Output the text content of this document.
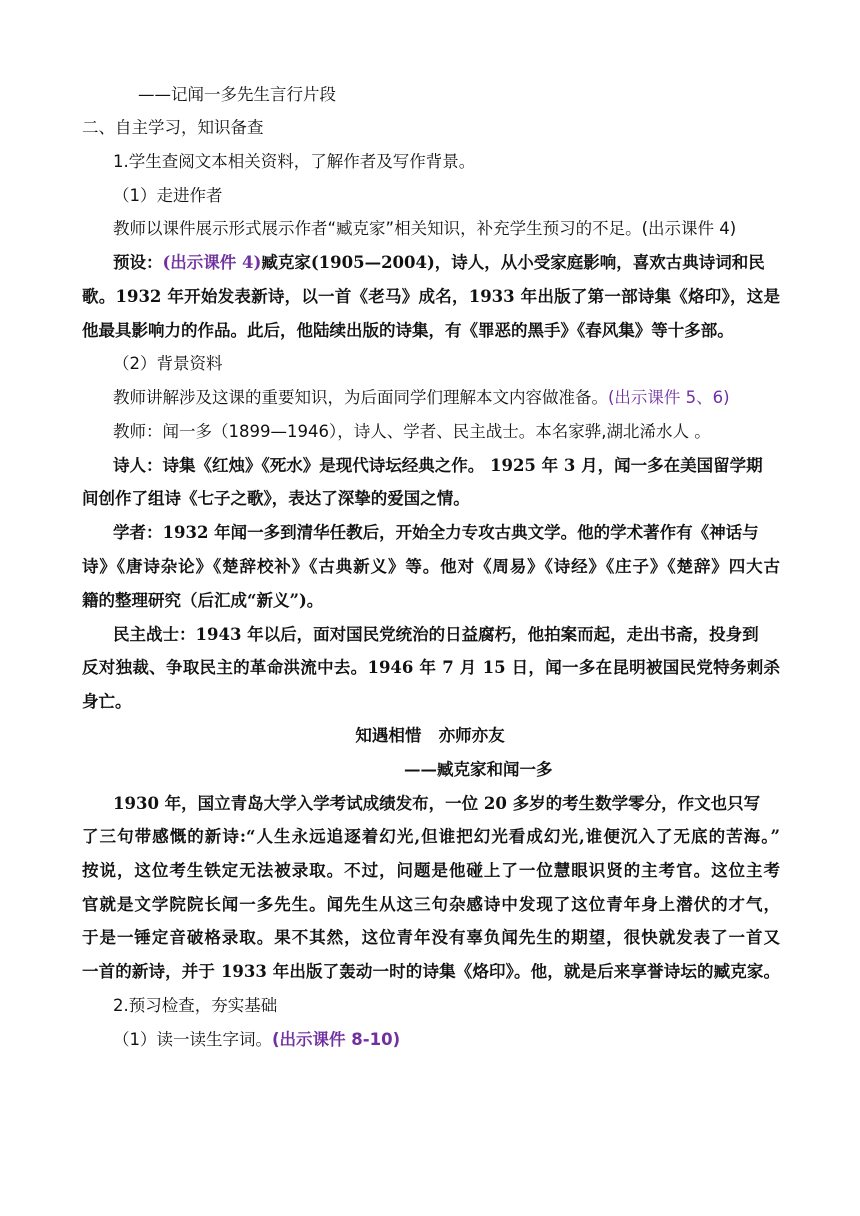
——记闻一多先生言行片段
二、自主学习，知识备查
1.学生查阅文本相关资料，了解作者及写作背景。
（1）走进作者
教师以课件展示形式展示作者“臧克家”相关知识，补充学生预习的不足。(出示课件 4)
预设：(出示课件 4)臧克家(1905—2004)，诗人，从小受家庭影响，喜欢古典诗词和民
歌。1932 年开始发表新诗，以一首《老马》成名，1933 年出版了第一部诗集《烙印》，这是
他最具影响力的作品。此后，他陆续出版的诗集，有《罪恶的黑手》《春风集》等十多部。
（2）背景资料
教师讲解涉及这课的重要知识，为后面同学们理解本文内容做准备。(出示课件 5、6)
教师：闻一多（1899—1946），诗人、学者、民主战士。本名家骅,湖北浠水人 。
诗人：诗集《红烛》《死水》是现代诗坛经典之作。 1925 年 3 月，闻一多在美国留学期
间创作了组诗《七子之歌》，表达了深挚的爱国之情。
学者：1932 年闻一多到清华任教后，开始全力专攻古典文学。他的学术著作有《神话与
诗》《唐诗杂论》《楚辞校补》《古典新义》等。他对《周易》《诗经》《庄子》《楚辞》四大古
籍的整理研究（后汇成“新义”)。
民主战士：1943 年以后，面对国民党统治的日益腐朽，他拍案而起，走出书斋，投身到
反对独裁、争取民主的革命洪流中去。1946 年 7 月 15 日，闻一多在昆明被国民党特务刺杀
身亡。
知遇相惜   亦师亦友
——臧克家和闻一多
1930 年，国立青岛大学入学考试成绩发布，一位 20 多岁的考生数学零分，作文也只写
了三句带感慨的新诗:“人生永远追逐着幻光,但谁把幻光看成幻光,谁便沉入了无底的苦海。”
按说，这位考生铁定无法被录取。不过，问题是他碰上了一位慧眼识贤的主考官。这位主考
官就是文学院院长闻一多先生。闻先生从这三句杂感诗中发现了这位青年身上潜伏的才气，
于是一锤定音破格录取。果不其然，这位青年没有辜负闻先生的期望，很快就发表了一首又
一首的新诗，并于 1933 年出版了轰动一时的诗集《烙印》。他，就是后来享誉诗坛的臧克家。
2.预习检查，夯实基础
（1）读一读生字词。(出示课件 8-10)
